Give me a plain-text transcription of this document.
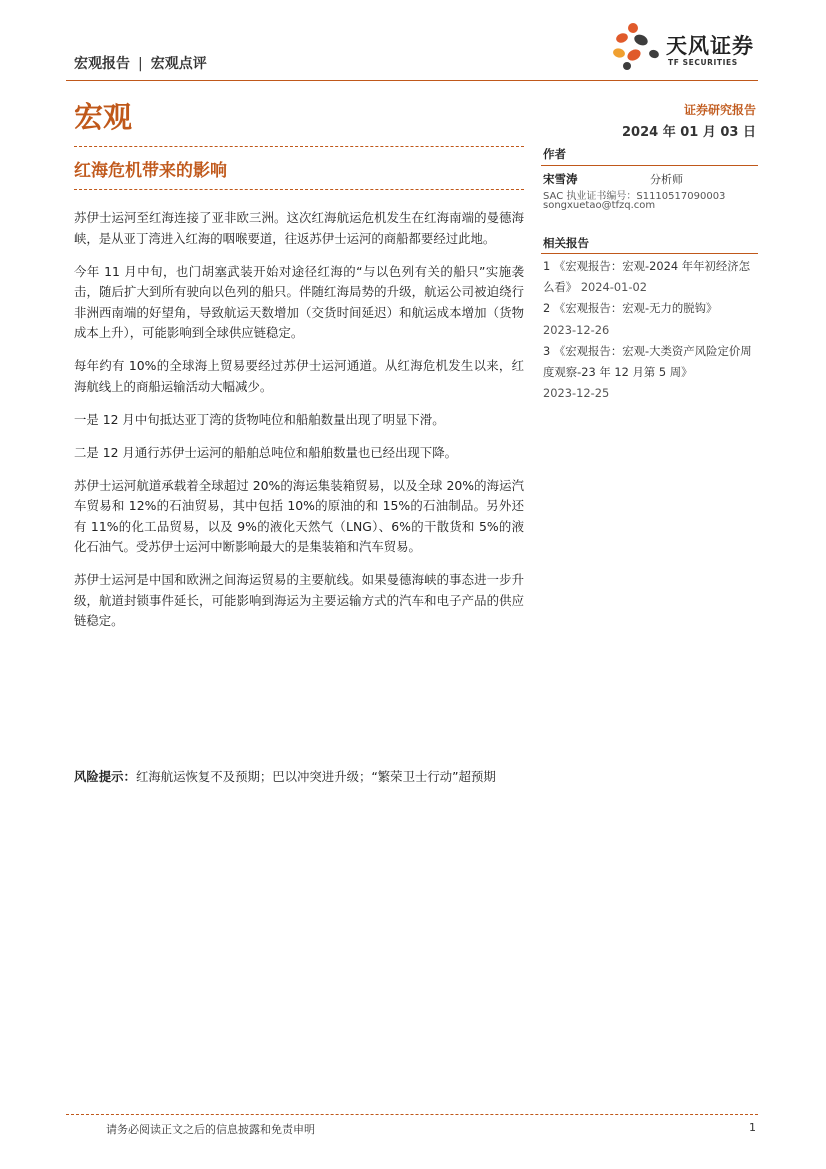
宏观报告 | 宏观点评
天风证券
TF SECURITIES
宏观	证券研究报告
2024 年 01 月 03 日
红海危机带来的影响

苏伊士运河至红海连接了亚非欧三洲。这次红海航运危机发生在红海南端的曼德海峡，是从亚丁湾进入红海的咽喉要道，往返苏伊士运河的商船都要经过此地。

今年 11 月中旬，也门胡塞武装开始对途径红海的“与以色列有关的船只”实施袭击，随后扩大到所有驶向以色列的船只。伴随红海局势的升级，航运公司被迫绕行非洲西南端的好望角，导致航运天数增加（交货时间延迟）和航运成本增加（货物成本上升），可能影响到全球供应链稳定。

每年约有 10%的全球海上贸易要经过苏伊士运河通道。从红海危机发生以来，红海航线上的商船运输活动大幅减少。

一是 12 月中旬抵达亚丁湾的货物吨位和船舶数量出现了明显下滑。

二是 12 月通行苏伊士运河的船舶总吨位和船舶数量也已经出现下降。

苏伊士运河航道承载着全球超过 20%的海运集装箱贸易，以及全球 20%的海运汽车贸易和 12%的石油贸易，其中包括 10%的原油的和 15%的石油制品。另外还有 11%的化工品贸易，以及 9%的液化天然气（LNG）、6%的干散货和 5%的液化石油气。受苏伊士运河中断影响最大的是集装箱和汽车贸易。

苏伊士运河是中国和欧洲之间海运贸易的主要航线。如果曼德海峡的事态进一步升级，航道封锁事件延长，可能影响到海运为主要运输方式的汽车和电子产品的供应链稳定。

风险提示：红海航运恢复不及预期；巴以冲突进升级；“繁荣卫士行动”超预期
作者
宋雪涛	分析师
SAC 执业证书编号：S1110517090003
songxuetao@tfzq.com
相关报告
1 《宏观报告：宏观-2024 年年初经济怎么看》 2024-01-02
2 《宏观报告：宏观-无力的脱钩》
2023-12-26
3 《宏观报告：宏观-大类资产风险定价周度观察-23 年 12 月第 5 周》
2023-12-25
请务必阅读正文之后的信息披露和免责申明	1
